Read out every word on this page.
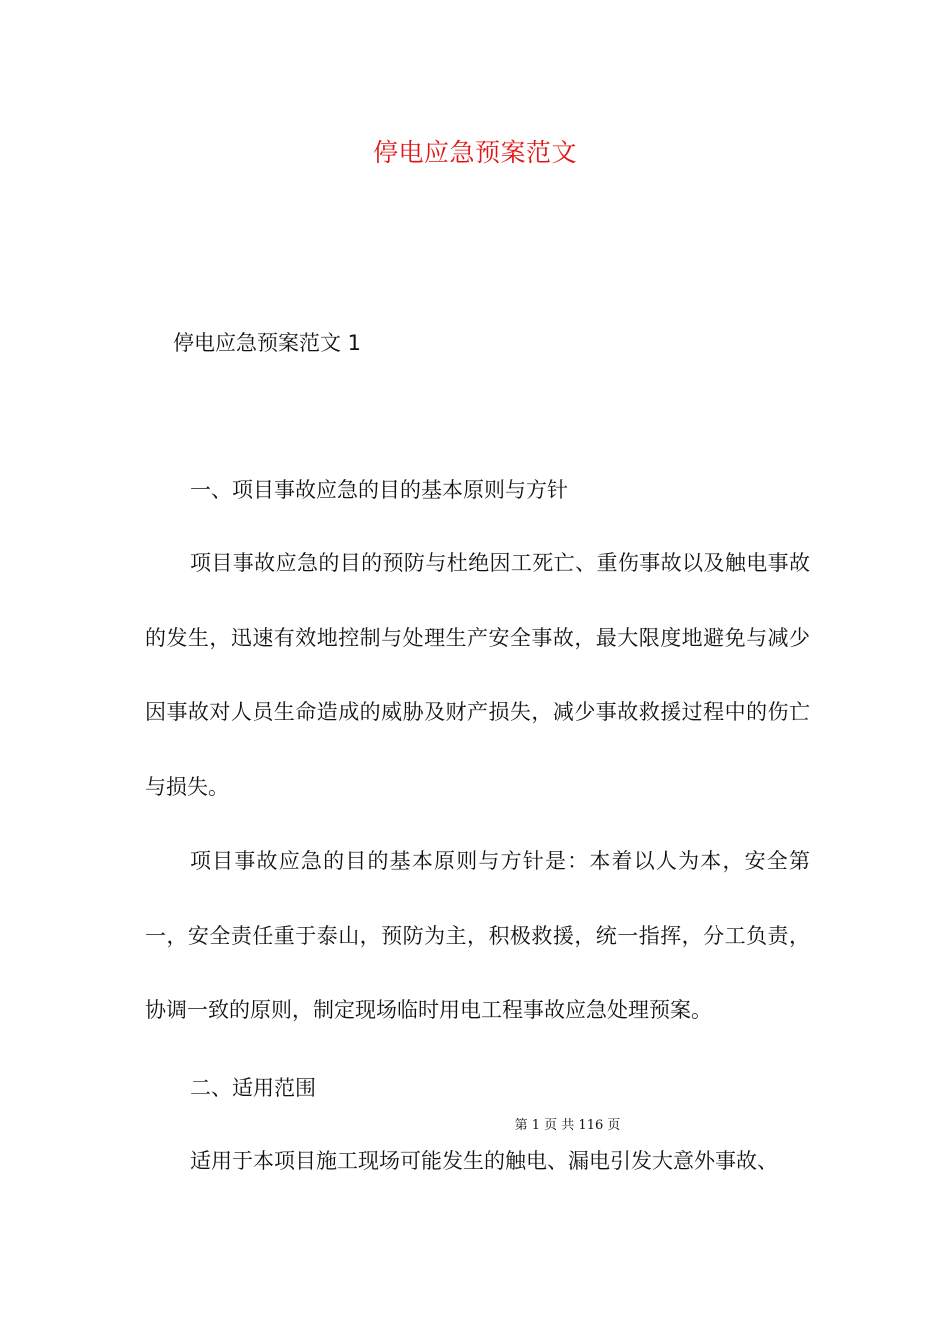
停电应急预案范文
停电应急预案范文 1
一、项目事故应急的目的基本原则与方针
项目事故应急的目的预防与杜绝因工死亡、重伤事故以及触电事故的发生，迅速有效地控制与处理生产安全事故，最大限度地避免与减少因事故对人员生命造成的威胁及财产损失，减少事故救援过程中的伤亡与损失。
项目事故应急的目的基本原则与方针是：本着以人为本，安全第一，安全责任重于泰山，预防为主，积极救援，统一指挥，分工负责，协调一致的原则，制定现场临时用电工程事故应急处理预案。
二、适用范围
第 1 页 共 116 页
适用于本项目施工现场可能发生的触电、漏电引发大意外事故、
